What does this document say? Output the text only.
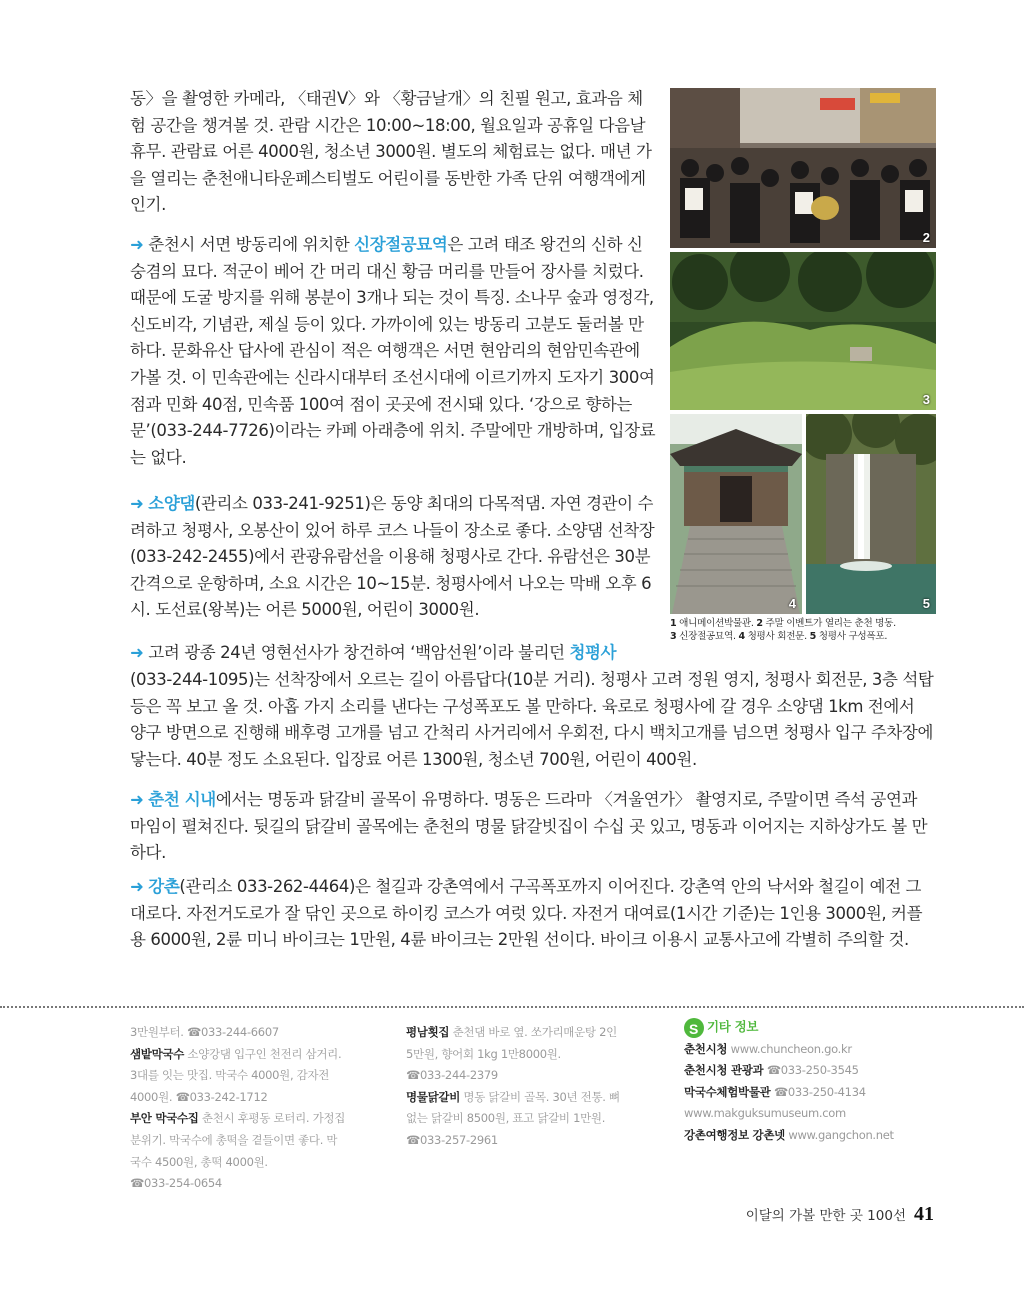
동〉을 촬영한 카메라, 〈태권V〉와 〈황금날개〉의 친필 원고, 효과음 체험 공간을 챙겨볼 것. 관람 시간은 10:00~18:00, 월요일과 공휴일 다음날 휴무. 관람료 어른 4000원, 청소년 3000원. 별도의 체험료는 없다. 매년 가을 열리는 춘천애니타운페스티벌도 어린이를 동반한 가족 단위 여행객에게 인기.

➜ 춘천시 서면 방동리에 위치한 신장절공묘역은 고려 태조 왕건의 신하 신숭겸의 묘다. 적군이 베어 간 머리 대신 황금 머리를 만들어 장사를 치렀다. 때문에 도굴 방지를 위해 봉분이 3개나 되는 것이 특징. 소나무 숲과 영정각, 신도비각, 기념관, 제실 등이 있다. 가까이에 있는 방동리 고분도 둘러볼 만하다. 문화유산 답사에 관심이 적은 여행객은 서면 현암리의 현암민속관에 가볼 것. 이 민속관에는 신라시대부터 조선시대에 이르기까지 도자기 300여 점과 민화 40점, 민속품 100여 점이 곳곳에 전시돼 있다. ‘강으로 향하는 문’(033-244-7726)이라는 카페 아래층에 위치. 주말에만 개방하며, 입장료는 없다.

➜ 소양댐(관리소 033-241-9251)은 동양 최대의 다목적댐. 자연 경관이 수려하고 청평사, 오봉산이 있어 하루 코스 나들이 장소로 좋다. 소양댐 선착장(033-242-2455)에서 관광유람선을 이용해 청평사로 간다. 유람선은 30분 간격으로 운항하며, 소요 시간은 10~15분. 청평사에서 나오는 막배 오후 6시. 도선료(왕복)는 어른 5000원, 어린이 3000원.

➜ 고려 광종 24년 영현선사가 창건하여 ‘백암선원’이라 불리던 청평사

(033-244-1095)는 선착장에서 오르는 길이 아름답다(10분 거리). 청평사 고려 정원 영지, 청평사 회전문, 3층 석탑 등은 꼭 보고 올 것. 아홉 가지 소리를 낸다는 구성폭포도 볼 만하다. 육로로 청평사에 갈 경우 소양댐 1km 전에서 양구 방면으로 진행해 배후령 고개를 넘고 간척리 사거리에서 우회전, 다시 백치고개를 넘으면 청평사 입구 주차장에 닿는다. 40분 정도 소요된다. 입장료 어른 1300원, 청소년 700원, 어린이 400원.

➜ 춘천 시내에서는 명동과 닭갈비 골목이 유명하다. 명동은 드라마 〈겨울연가〉 촬영지로, 주말이면 즉석 공연과 마임이 펼쳐진다. 뒷길의 닭갈비 골목에는 춘천의 명물 닭갈빗집이 수십 곳 있고, 명동과 이어지는 지하상가도 볼 만하다.

➜ 강촌(관리소 033-262-4464)은 철길과 강촌역에서 구곡폭포까지 이어진다. 강촌역 안의 낙서와 철길이 예전 그대로다. 자전거도로가 잘 닦인 곳으로 하이킹 코스가 여럿 있다. 자전거 대여료(1시간 기준)는 1인용 3000원, 커플용 6000원, 2륜 미니 바이크는 1만원, 4륜 바이크는 2만원 선이다. 바이크 이용시 교통사고에 각별히 주의할 것.

2
3
4	5
1 애니메이션박물관. 2 주말 이벤트가 열리는 춘천 명동.
3 신장절공묘역. 4 청평사 회전문. 5 청평사 구성폭포.
3만원부터. ☎033-244-6607
샘밭막국수 소양강댐 입구인 천전리 삼거리.
3대를 잇는 맛집. 막국수 4000원, 감자전
4000원. ☎033-242-1712
부안 막국수집 춘천시 후평동 로터리. 가정집
분위기. 막국수에 총떡을 곁들이면 좋다. 막
국수 4500원, 총떡 4000원.
☎033-254-0654
평남횟집 춘천댐 바로 옆. 쏘가리매운탕 2인
5만원, 향어회 1kg 1만8000원.
☎033-244-2379
명물닭갈비 명동 닭갈비 골목. 30년 전통. 뼈
없는 닭갈비 8500원, 표고 닭갈비 1만원.
☎033-257-2961
S기타 정보
춘천시청 www.chuncheon.go.kr
춘천시청 관광과 ☎033-250-3545
막국수체험박물관 ☎033-250-4134
www.makguksumuseum.com
강촌여행정보 강촌넷 www.gangchon.net
이달의 가볼 만한 곳 100선 41
